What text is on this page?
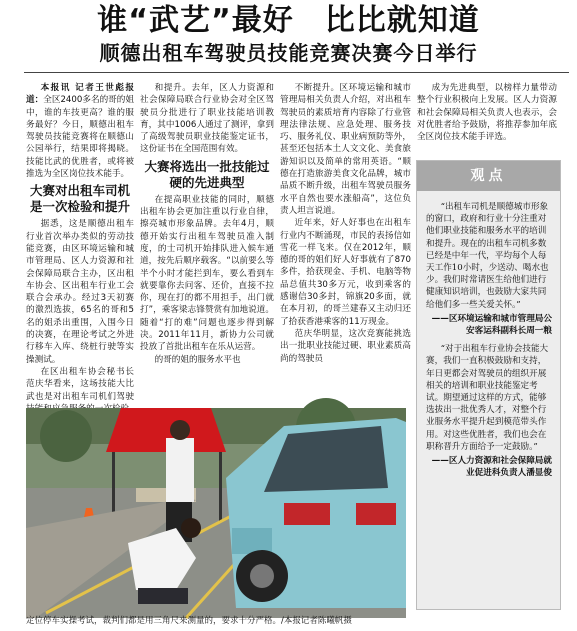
谁“武艺”最好　比比就知道
顺德出租车驾驶员技能竞赛决赛今日举行

本报讯 记者王世彪报道：全区2400多名的哥的姐中，谁的车技更高？谁的服务最好？今日，顺德出租车驾驶员技能竞赛将在顺德山公园举行，结果即将揭晓。技能比武的优胜者，或将被推选为全区岗位技术能手。

大赛对出租车司机是一次检验和提升

据悉，这是顺德出租车行业首次举办类似的劳动技能竞赛，由区环境运输和城市管理局、区人力资源和社会保障局联合主办，区出租车协会、区出租车行业工会联合会承办。经过3天初赛的激烈选拔，65名的哥和5名的姐杀出重围，入围今日的决赛，在理论考试之外进行移车入库、绕桩行驶等实操测试。

在区出租车协会秘书长范庆华看来，这场技能大比武也是对出租车司机们驾驶

和提升。去年，区人力资源和社会保障局联合行业协会对全区驾驶员分批进行了职业技能培训教育，其中1006人通过了测评，拿到了高级驾驶员职业技能鉴定证书，这份证书在全国范围有效。

大赛将选出一批技能过硬的先进典型

在提高职业技能的同时，顺德出租车协会更加注重以行业自律，擦亮城市形象品牌。去年4月，顺德开始实行出租车驾驶员准入制度，的士司机开始排队进入候车通道，按先后顺序载客。“以前要么等半个小时才能拦到车，要么看到车就要靠你去问客、还价，直接不拉你，现在打的都不用担手，出门就打”，乘客梁志锋赞赏有加地说道。随着“打的难”问题也逐步得到解决。2011年11月，新协力公司就投放了首批出租车在乐从运营。

的哥的姐的服务水平也

不断提升。区环境运输和城市管理局相关负责人介绍，对出租车驾驶员的素质培育内容除了行业管理法律法规、应急处理、服务技巧、服务礼仪、职业病预防等外，甚至还包括本土人文文化、美食旅游知识以及简单的常用英语。“顺德在打造旅游美食文化品牌，城市品质不断升级，出租车驾驶员服务水平自然也要水涨船高”，这位负责人坦言说道。

近年来，好人好事也在出租车行业内不断涌现，市民的表扬信如雪花一样飞来。仅在2012年，顺德的哥的姐们好人好事就有了870多件，拾获现金、手机、电脑等物品总值共30多万元，收到乘客的感谢信30多封，锦旗20多面，就在本月初，的哥兰建春又主动归还了拾获香港乘客的11万现金。

范庆华明显，这次竞赛能挑选出一批职业技能过硬、职业素质高尚的驾驶员

成为先进典型，以榜样力量带动整个行业积极向上发展。区人力资源和社会保障局相关负责人也表示，会对优胜者给予鼓励，将推荐参加年底全区岗位技术能手评选。

观点

“出租车司机是顺德城市形象的窗口，政府和行业十分注重对他们职业技能和服务水平的培训和提升。现在的出租车司机多数已经是中年一代，平均每个人每天工作10小时，少送动、喝水也少。我们时常请医生给他们进行健康知识培训，也鼓励大家共同给他们多一些关爱关怀。”

——区环境运输和城市管理局公安客运科副科长周一粮

“对于出租车行业协会技能大赛，我们一直积极鼓励和支持，年日更都会对驾驶员的组织开展相关的培训和职业技能鉴定考试。期望通过这样的方式，能够选拔出一批优秀人才，对整个行业服务水平提升起到模范带头作用。对这些优胜者，我们也会在职称晋升方面给予一定鼓励。”

——区人力资源和社会保障局就业促进科负责人潘显俊

定位停车实操考试，裁判们都是用三角尺来测量的，要求十分严格。/本报记者陈曦帆摄
